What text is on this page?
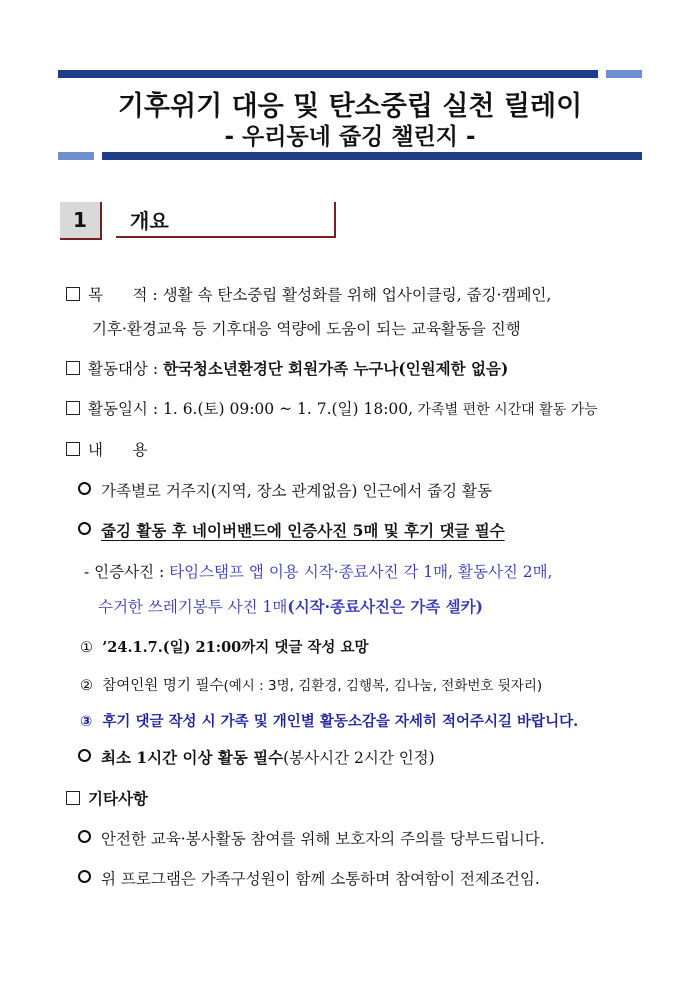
기후위기 대응 및 탄소중립 실천 릴레이
- 우리동네 줍깅 챌린지 -
1	개요
목      적 : 생활 속 탄소중립 활성화를 위해 업사이클링, 줍깅·캠페인,
기후·환경교육 등 기후대응 역량에 도움이 되는 교육활동을 진행
활동대상 : 한국청소년환경단 회원가족 누구나(인원제한 없음)
활동일시 : 1. 6.(토) 09:00 ~ 1. 7.(일) 18:00, 가족별 편한 시간대 활동 가능
내      용
가족별로 거주지(지역, 장소 관계없음) 인근에서 줍깅 활동
줍깅 활동 후 네이버밴드에 인증사진 5매 및 후기 댓글 필수
- 인증사진 : 타임스탬프 앱 이용 시작·종료사진 각 1매, 활동사진 2매,
수거한 쓰레기봉투 사진 1매(시작·종료사진은 가족 셀카)
① ’24.1.7.(일) 21:00까지 댓글 작성 요망
② 참여인원 명기 필수(예시 : 3명, 김환경, 김행복, 김나눔, 전화번호 뒷자리)
③ 후기 댓글 작성 시 가족 및 개인별 활동소감을 자세히 적어주시길 바랍니다.
최소 1시간 이상 활동 필수(봉사시간 2시간 인정)
기타사항
안전한 교육·봉사활동 참여를 위해 보호자의 주의를 당부드립니다.
위 프로그램은 가족구성원이 함께 소통하며 참여함이 전제조건임.
